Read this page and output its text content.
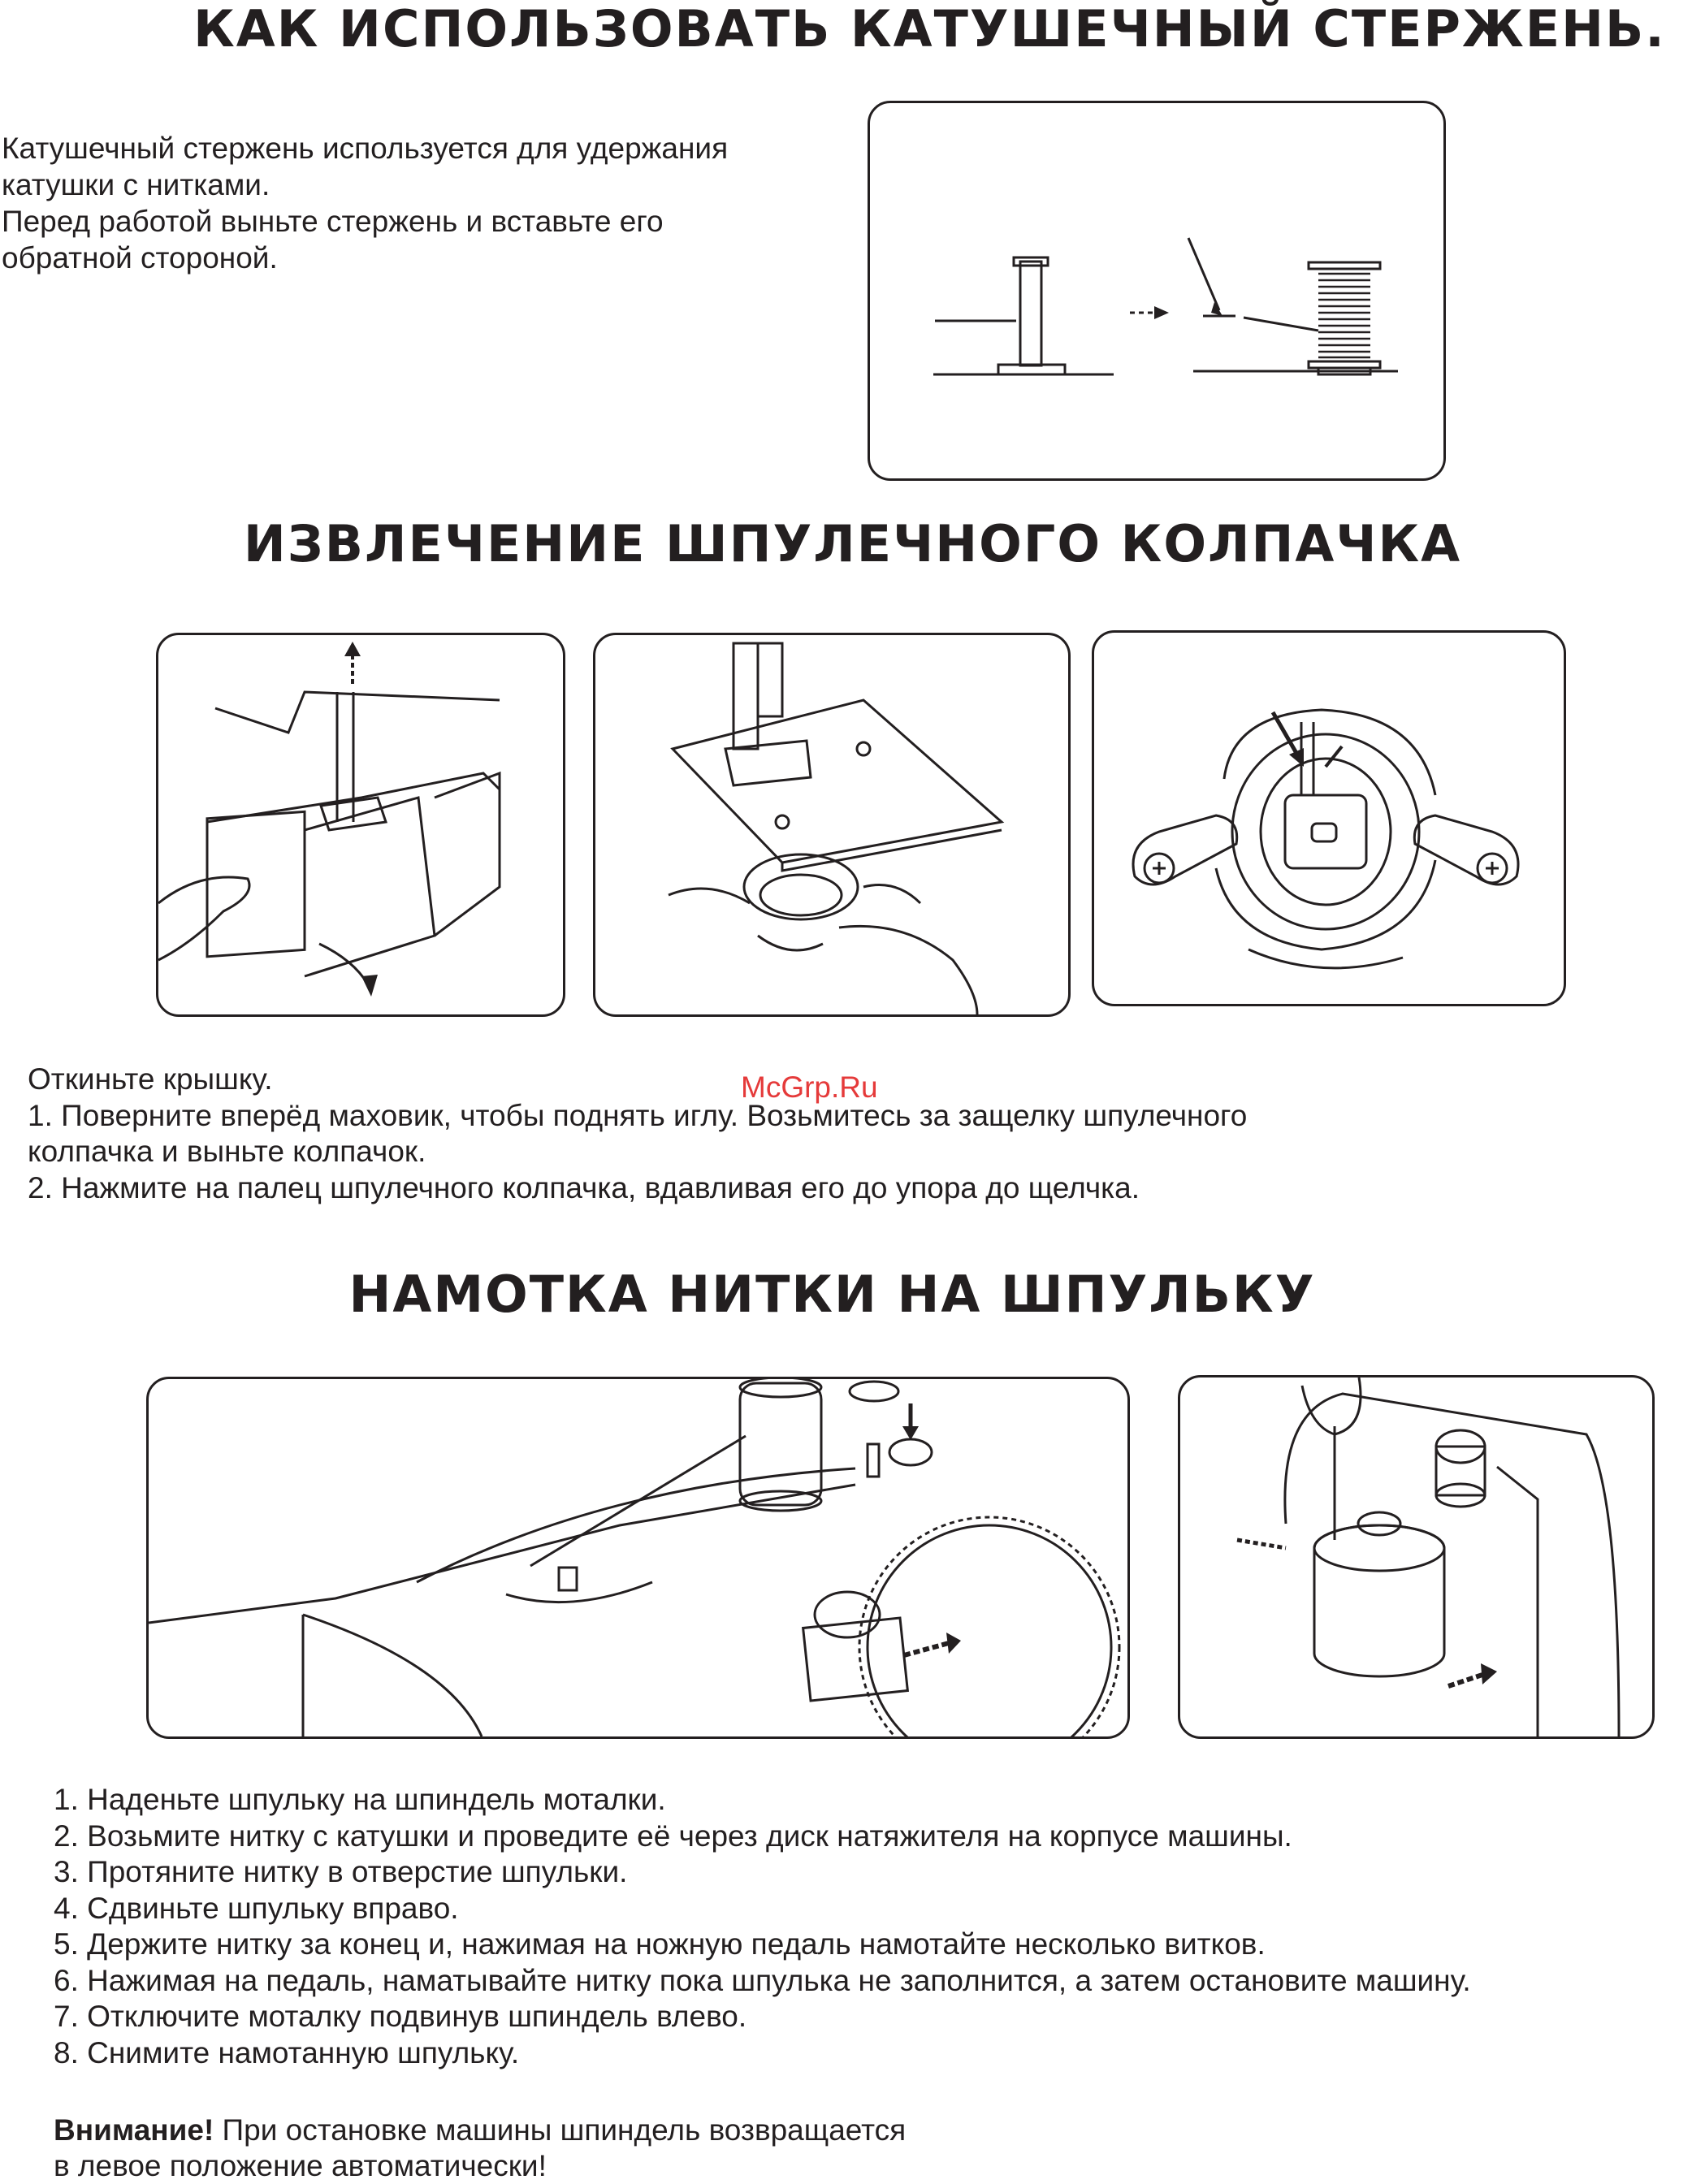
КАК ИСПОЛЬЗОВАТЬ КАТУШЕЧНЫЙ СТЕРЖЕНЬ.

Катушечный стержень используется для удержания
катушки с нитками.
Перед работой выньте стержень и вставьте его
обратной стороной.

ИЗВЛЕЧЕНИЕ ШПУЛЕЧНОГО КОЛПАЧКА

Откиньте крышку.
1. Поверните вперёд маховик, чтобы поднять иглу. Возьмитесь за защелку шпулечного
колпачка и выньте колпачок.
2. Нажмите на палец шпулечного колпачка, вдавливая его до упора до щелчка.

McGrp.Ru
НАМОТКА НИТКИ НА ШПУЛЬКУ
1. Наденьте шпульку на шпиндель моталки.
2. Возьмите нитку с катушки и проведите её через диск натяжителя на корпусе машины.
3. Протяните нитку в отверстие шпульки.
4. Сдвиньте шпульку вправо.
5. Держите нитку за конец и, нажимая на ножную педаль намотайте несколько витков.
6. Нажимая на педаль, наматывайте нитку пока шпулька не заполнится, а затем остановите машину.
7. Отключите моталку подвинув шпиндель влево.
8. Снимите намотанную шпульку.

Внимание! При остановке машины шпиндель возвращается
в левое положение автоматически!
